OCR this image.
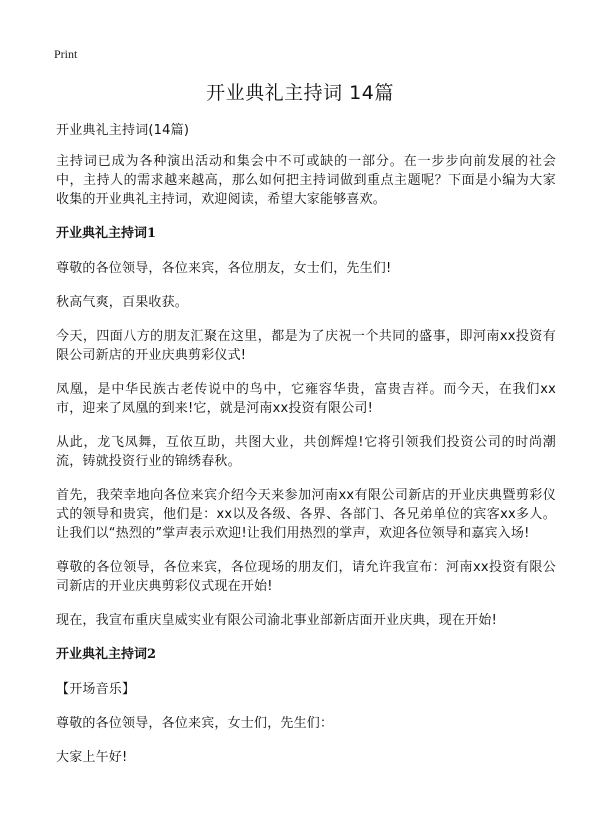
Print
开业典礼主持词 14篇
开业典礼主持词(14篇)
主持词已成为各种演出活动和集会中不可或缺的一部分。在一步步向前发展的社会中，主持人的需求越来越高，那么如何把主持词做到重点主题呢？下面是小编为大家收集的开业典礼主持词，欢迎阅读，希望大家能够喜欢。
开业典礼主持词1
尊敬的各位领导，各位来宾，各位朋友，女士们，先生们!
秋高气爽，百果收获。
今天，四面八方的朋友汇聚在这里，都是为了庆祝一个共同的盛事，即河南xx投资有限公司新店的开业庆典剪彩仪式!
凤凰，是中华民族古老传说中的鸟中，它雍容华贵，富贵吉祥。而今天，在我们xx市，迎来了凤凰的到来!它，就是河南xx投资有限公司!
从此，龙飞凤舞，互依互助，共图大业，共创辉煌!它将引领我们投资公司的时尚潮流，铸就投资行业的锦绣春秋。
首先，我荣幸地向各位来宾介绍今天来参加河南xx有限公司新店的开业庆典暨剪彩仪式的领导和贵宾，他们是：xx以及各级、各界、各部门、各兄弟单位的宾客xx多人。让我们以“热烈的”掌声表示欢迎!让我们用热烈的掌声，欢迎各位领导和嘉宾入场!
尊敬的各位领导，各位来宾，各位现场的朋友们，请允许我宣布：河南xx投资有限公司新店的开业庆典剪彩仪式现在开始!
现在，我宣布重庆皇威实业有限公司渝北事业部新店面开业庆典，现在开始!
开业典礼主持词2
【开场音乐】
尊敬的各位领导，各位来宾，女士们，先生们：
大家上午好!
